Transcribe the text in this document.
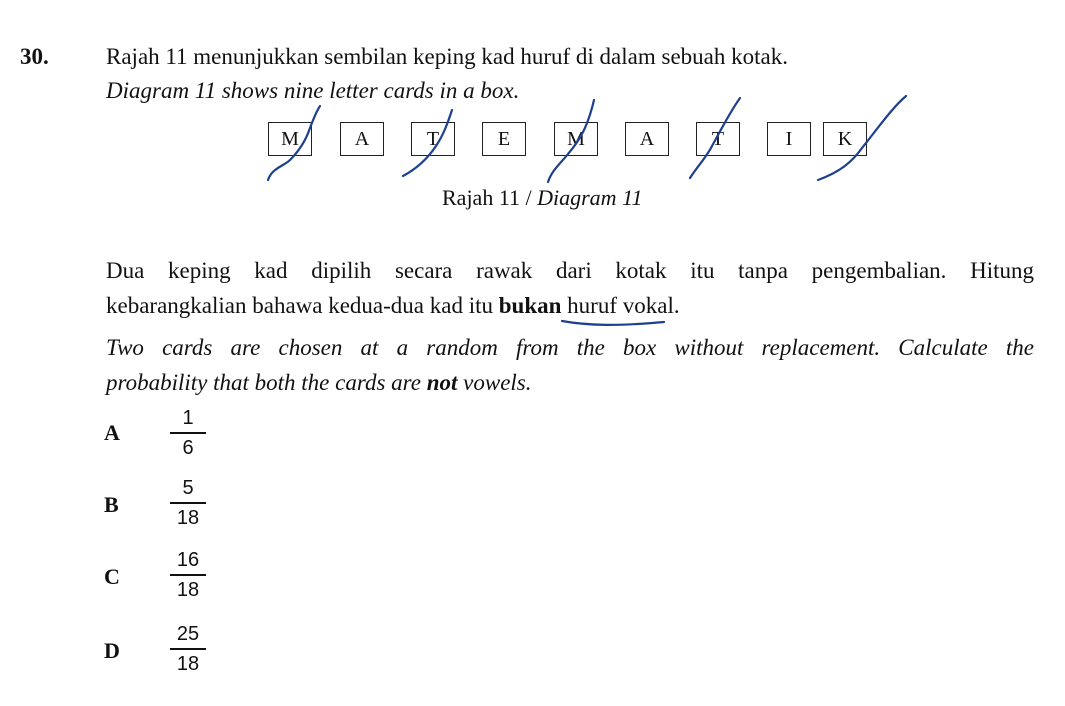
30. Rajah 11 menunjukkan sembilan keping kad huruf di dalam sebuah kotak.
Diagram 11 shows nine letter cards in a box.
M	A	T	E	M	A	T	I	K
Rajah 11 / Diagram 11
Dua keping kad dipilih secara rawak dari kotak itu tanpa pengembalian. Hitung
kebarangkalian bahawa kedua-dua kad itu bukan huruf vokal.
Two cards are chosen at a random from the box without replacement. Calculate the
probability that both the cards are not vowels.
A
1
6
B
5
18
C
16
18
D
25
18
